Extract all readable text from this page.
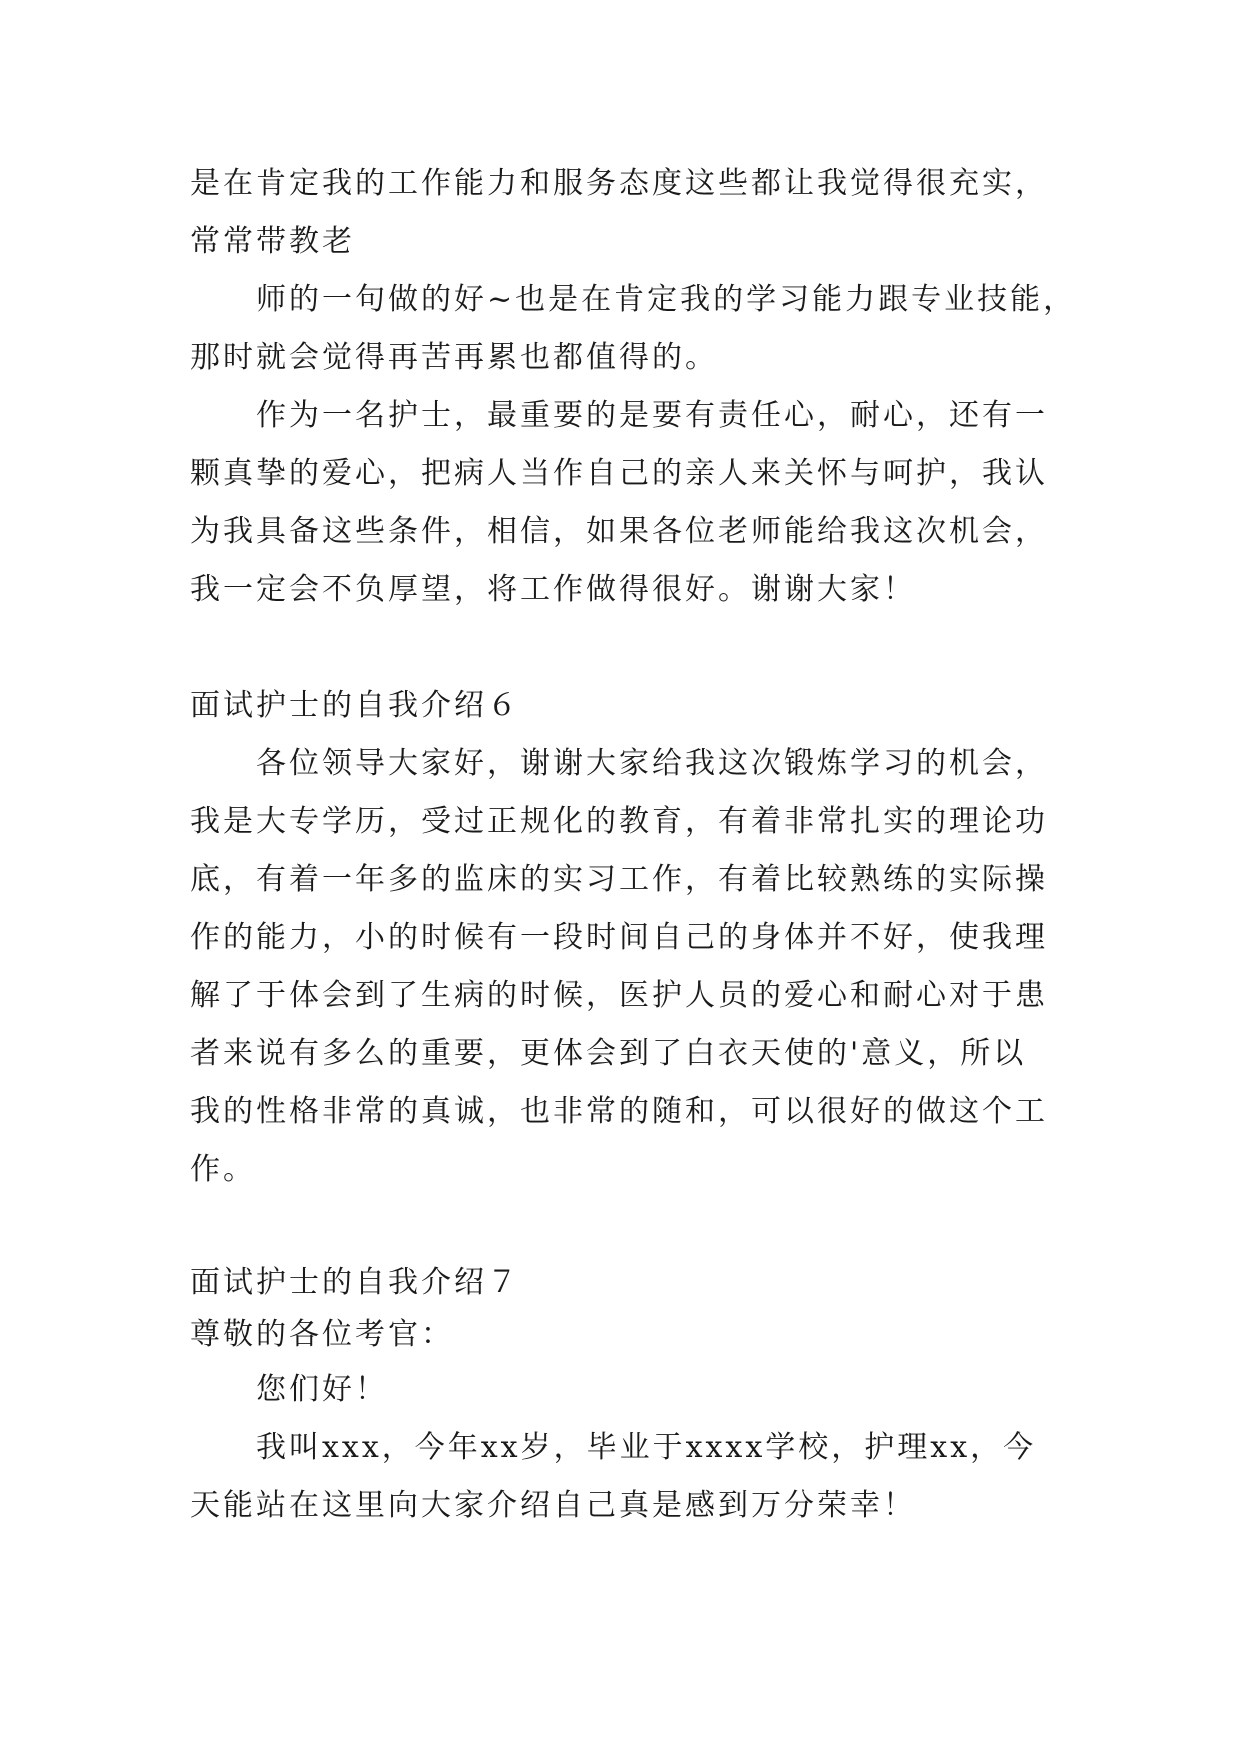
是在肯定我的工作能力和服务态度这些都让我觉得很充实，

常常带教老

师的一句做的好~也是在肯定我的学习能力跟专业技能，

那时就会觉得再苦再累也都值得的。

作为一名护士，最重要的是要有责任心，耐心，还有一

颗真挚的爱心，把病人当作自己的亲人来关怀与呵护，我认

为我具备这些条件，相信，如果各位老师能给我这次机会，

我一定会不负厚望，将工作做得很好。谢谢大家！

面试护士的自我介绍６

各位领导大家好，谢谢大家给我这次锻炼学习的机会，

我是大专学历，受过正规化的教育，有着非常扎实的理论功

底，有着一年多的监床的实习工作，有着比较熟练的实际操

作的能力，小的时候有一段时间自己的身体并不好，使我理

解了于体会到了生病的时候，医护人员的爱心和耐心对于患

者来说有多么的重要，更体会到了白衣天使的'意义，所以

我的性格非常的真诚，也非常的随和，可以很好的做这个工

作。

面试护士的自我介绍７

尊敬的各位考官：

您们好！

我叫xxx，今年xx岁，毕业于xxxx学校，护理xx，今

天能站在这里向大家介绍自己真是感到万分荣幸！
